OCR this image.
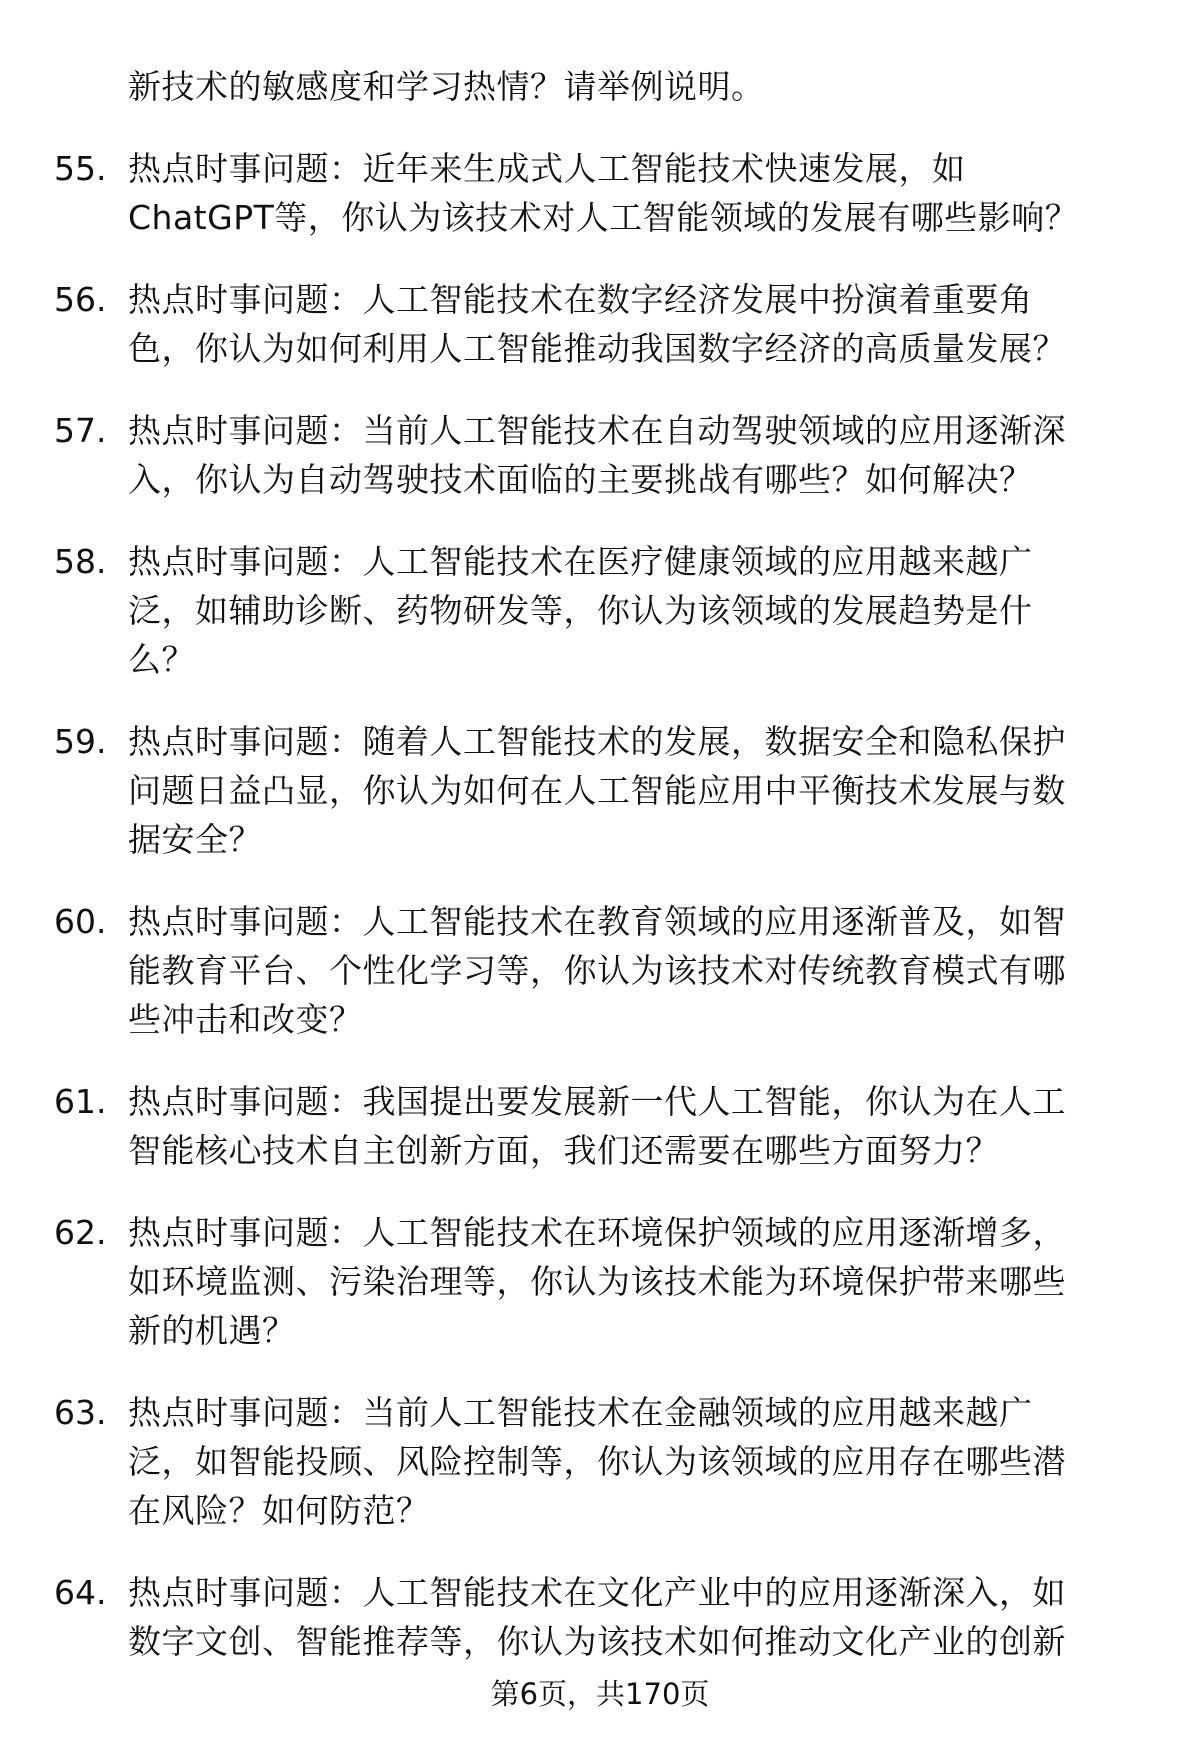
新技术的敏感度和学习热情？请举例说明。
55. 热点时事问题：近年来生成式人工智能技术快速发展，如
ChatGPT等，你认为该技术对人工智能领域的发展有哪些影响？
56. 热点时事问题：人工智能技术在数字经济发展中扮演着重要角
色，你认为如何利用人工智能推动我国数字经济的高质量发展？
57. 热点时事问题：当前人工智能技术在自动驾驶领域的应用逐渐深
入，你认为自动驾驶技术面临的主要挑战有哪些？如何解决？
58. 热点时事问题：人工智能技术在医疗健康领域的应用越来越广
泛，如辅助诊断、药物研发等，你认为该领域的发展趋势是什
么？
59. 热点时事问题：随着人工智能技术的发展，数据安全和隐私保护
问题日益凸显，你认为如何在人工智能应用中平衡技术发展与数
据安全？
60. 热点时事问题：人工智能技术在教育领域的应用逐渐普及，如智
能教育平台、个性化学习等，你认为该技术对传统教育模式有哪
些冲击和改变？
61. 热点时事问题：我国提出要发展新一代人工智能，你认为在人工
智能核心技术自主创新方面，我们还需要在哪些方面努力？
62. 热点时事问题：人工智能技术在环境保护领域的应用逐渐增多，
如环境监测、污染治理等，你认为该技术能为环境保护带来哪些
新的机遇？
63. 热点时事问题：当前人工智能技术在金融领域的应用越来越广
泛，如智能投顾、风险控制等，你认为该领域的应用存在哪些潜
在风险？如何防范？
64. 热点时事问题：人工智能技术在文化产业中的应用逐渐深入，如
数字文创、智能推荐等，你认为该技术如何推动文化产业的创新
第6页，共170页
